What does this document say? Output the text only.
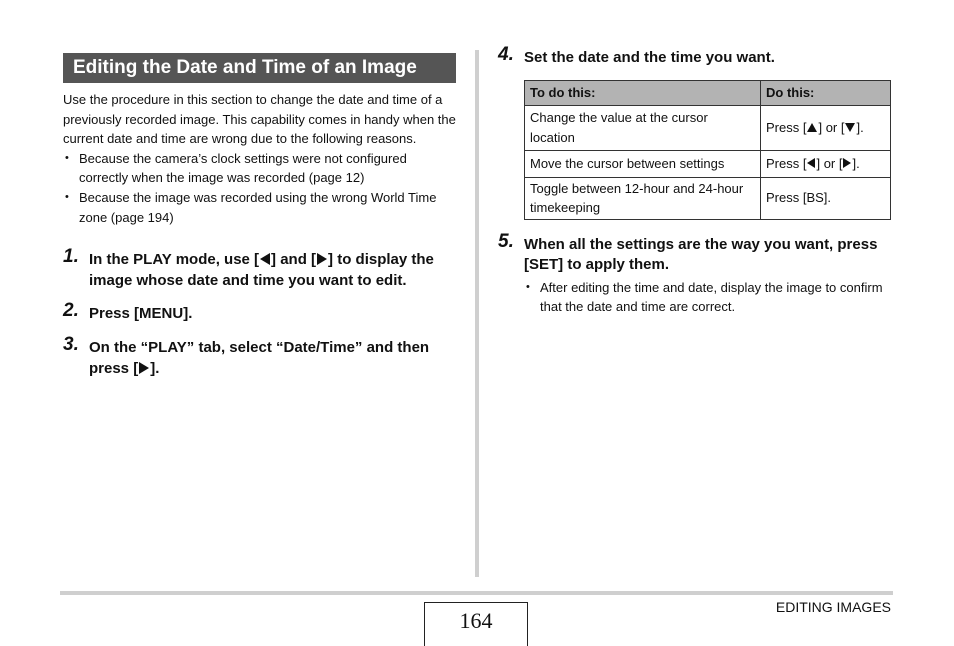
Editing the Date and Time of an Image

Use the procedure in this section to change the date and time of a previously recorded image. This capability comes in handy when the current date and time are wrong due to the following reasons.

• Because the camera’s clock settings were not configured correctly when the image was recorded (page 12)
• Because the image was recorded using the wrong World Time zone (page 194)
1. In the PLAY mode, use [ ] and [ ] to display the image whose date and time you want to edit.
2. Press [MENU].
3. On the “PLAY” tab, select “Date/Time” and then press [ ].
4. Set the date and the time you want.
To do this:	Do this:
Change the value at the cursor location	Press [ ] or [ ].
Move the cursor between settings	Press [ ] or [ ].
Toggle between 12-hour and 24-hour timekeeping	Press [BS].
5. When all the settings are the way you want, press [SET] to apply them.
• After editing the time and date, display the image to confirm that the date and time are correct.
164
EDITING IMAGES
